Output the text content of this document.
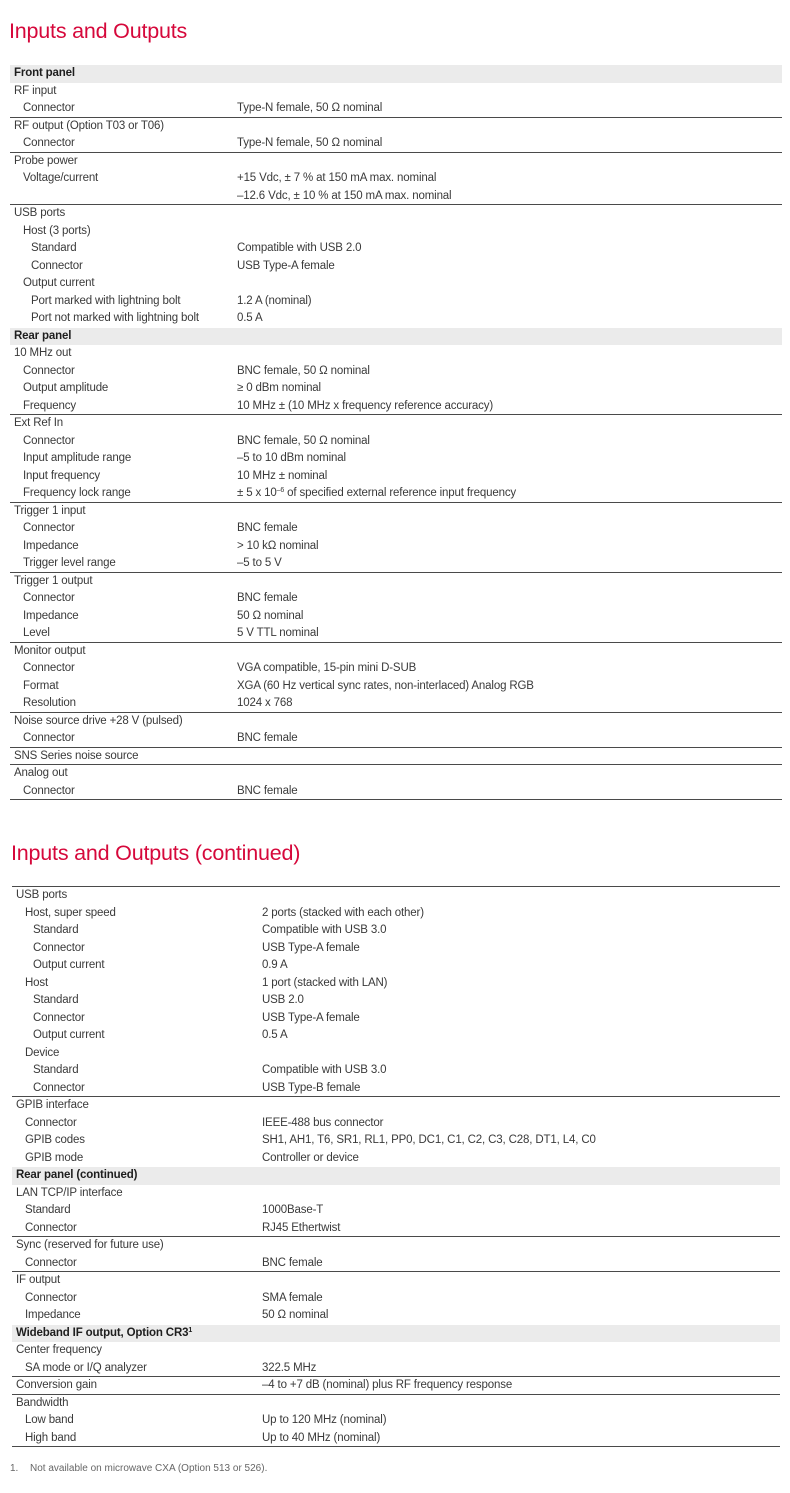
Inputs and Outputs
Front panel
RF input
Connector	Type-N female, 50 Ω nominal
RF output (Option T03 or T06)
Connector	Type-N female, 50 Ω nominal
Probe power
Voltage/current	+15 Vdc, ± 7 % at 150 mA max. nominal
–12.6 Vdc, ± 10 % at 150 mA max. nominal
USB ports
Host (3 ports)
Standard	Compatible with USB 2.0
Connector	USB Type-A female
Output current
Port marked with lightning bolt	1.2 A (nominal)
Port not marked with lightning bolt	0.5 A
Rear panel
10 MHz out
Connector	BNC female, 50 Ω nominal
Output amplitude	≥ 0 dBm nominal
Frequency	10 MHz ± (10 MHz x frequency reference accuracy)
Ext Ref In
Connector	BNC female, 50 Ω nominal
Input amplitude range	–5 to 10 dBm nominal
Input frequency	10 MHz ± nominal
Frequency lock range	± 5 x $10^{-6}$ of specified external reference input frequency
Trigger 1 input
Connector	BNC female
Impedance	> 10 kΩ nominal
Trigger level range	–5 to 5 V
Trigger 1 output
Connector	BNC female
Impedance	50 Ω nominal
Level	5 V TTL nominal
Monitor output
Connector	VGA compatible, 15-pin mini D-SUB
Format	XGA (60 Hz vertical sync rates, non-interlaced) Analog RGB
Resolution	1024 x 768
Noise source drive +28 V (pulsed)
Connector	BNC female
SNS Series noise source
Analog out
Connector	BNC female
Inputs and Outputs (continued)
USB ports
Host, super speed	2 ports (stacked with each other)
Standard	Compatible with USB 3.0
Connector	USB Type-A female
Output current	0.9 A
Host	1 port (stacked with LAN)
Standard	USB 2.0
Connector	USB Type-A female
Output current	0.5 A
Device
Standard	Compatible with USB 3.0
Connector	USB Type-B female
GPIB interface
Connector	IEEE-488 bus connector
GPIB codes	SH1, AH1, T6, SR1, RL1, PP0, DC1, C1, C2, C3, C28, DT1, L4, C0
GPIB mode	Controller or device
Rear panel (continued)
LAN TCP/IP interface
Standard	1000Base-T
Connector	RJ45 Ethertwist
Sync (reserved for future use)
Connector	BNC female
IF output
Connector	SMA female
Impedance	50 Ω nominal
Wideband IF output, Option $CR3^1$
Center frequency
SA mode or I/Q analyzer	322.5 MHz
Conversion gain	–4 to +7 dB (nominal) plus RF frequency response
Bandwidth
Low band	Up to 120 MHz (nominal)
High band	Up to 40 MHz (nominal)
1. Not available on microwave CXA (Option 513 or 526).
